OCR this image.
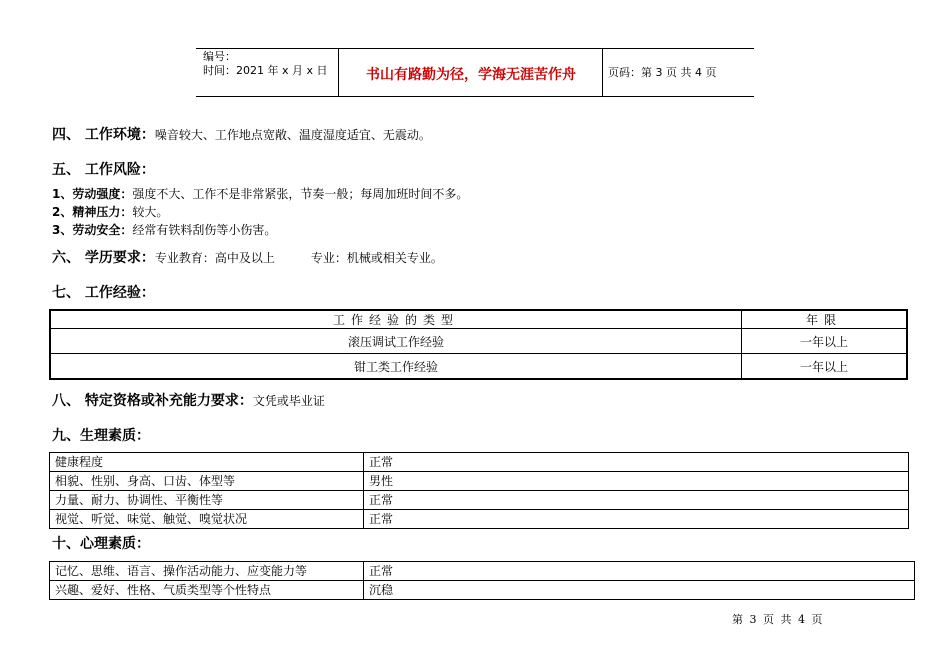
编号：
时间：2021 年 x 月 x 日	书山有路勤为径，学海无涯苦作舟	页码：第 3 页 共 4 页
四、 工作环境：噪音较大、工作地点宽敞、温度湿度适宜、无震动。
五、 工作风险：
1、劳动强度：强度不大、工作不是非常紧张，节奏一般；每周加班时间不多。
2、精神压力：较大。
3、劳动安全：经常有铁料刮伤等小伤害。
六、 学历要求：专业教育：高中及以上	专业：机械或相关专业。
七、 工作经验：
工作经验的类型	年限
滚压调试工作经验	一年以上
钳工类工作经验	一年以上
八、 特定资格或补充能力要求：文凭或毕业证
九、生理素质：
健康程度	正常
相貌、性别、身高、口齿、体型等	男性
力量、耐力、协调性、平衡性等	正常
视觉、听觉、味觉、触觉、嗅觉状况	正常
十、心理素质：
记忆、思维、语言、操作活动能力、应变能力等	正常
兴趣、爱好、性格、气质类型等个性特点	沉稳
第 3 页 共 4 页
